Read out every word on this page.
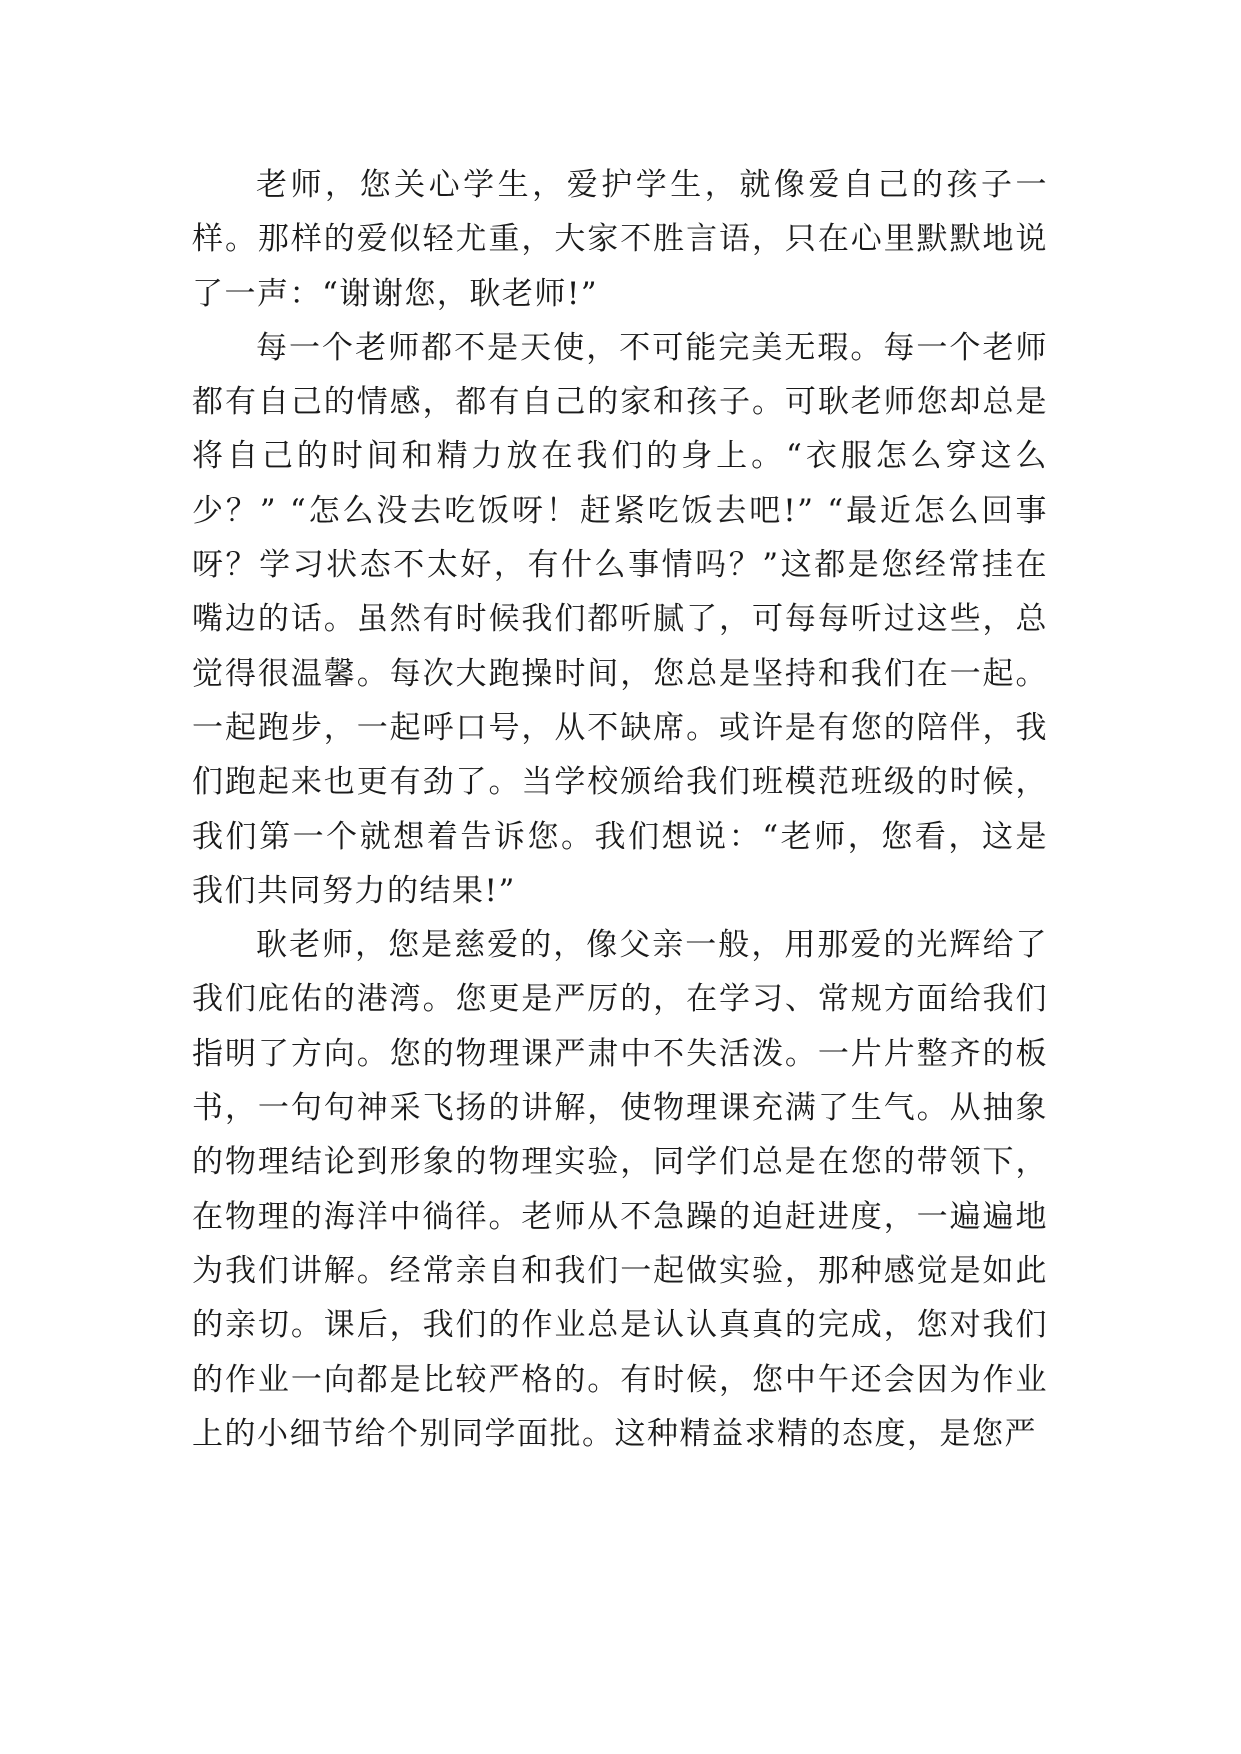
老师，您关心学生，爱护学生，就像爱自己的孩子一样。那样的爱似轻尤重，大家不胜言语，只在心里默默地说了一声：“谢谢您，耿老师!”

每一个老师都不是天使，不可能完美无瑕。每一个老师都有自己的情感，都有自己的家和孩子。可耿老师您却总是将自己的时间和精力放在我们的身上。“衣服怎么穿这么少？” “怎么没去吃饭呀！赶紧吃饭去吧!” “最近怎么回事呀？学习状态不太好，有什么事情吗？”这都是您经常挂在嘴边的话。虽然有时候我们都听腻了，可每每听过这些，总觉得很温馨。每次大跑操时间，您总是坚持和我们在一起。一起跑步，一起呼口号，从不缺席。或许是有您的陪伴，我们跑起来也更有劲了。当学校颁给我们班模范班级的时候，我们第一个就想着告诉您。我们想说：“老师，您看，这是我们共同努力的结果!”

耿老师，您是慈爱的，像父亲一般，用那爱的光辉给了我们庇佑的港湾。您更是严厉的，在学习、常规方面给我们指明了方向。您的物理课严肃中不失活泼。一片片整齐的板书，一句句神采飞扬的讲解，使物理课充满了生气。从抽象的物理结论到形象的物理实验，同学们总是在您的带领下，在物理的海洋中徜徉。老师从不急躁的迫赶进度，一遍遍地为我们讲解。经常亲自和我们一起做实验，那种感觉是如此的亲切。课后，我们的作业总是认认真真的完成，您对我们的作业一向都是比较严格的。有时候，您中午还会因为作业上的小细节给个别同学面批。这种精益求精的态度，是您严
